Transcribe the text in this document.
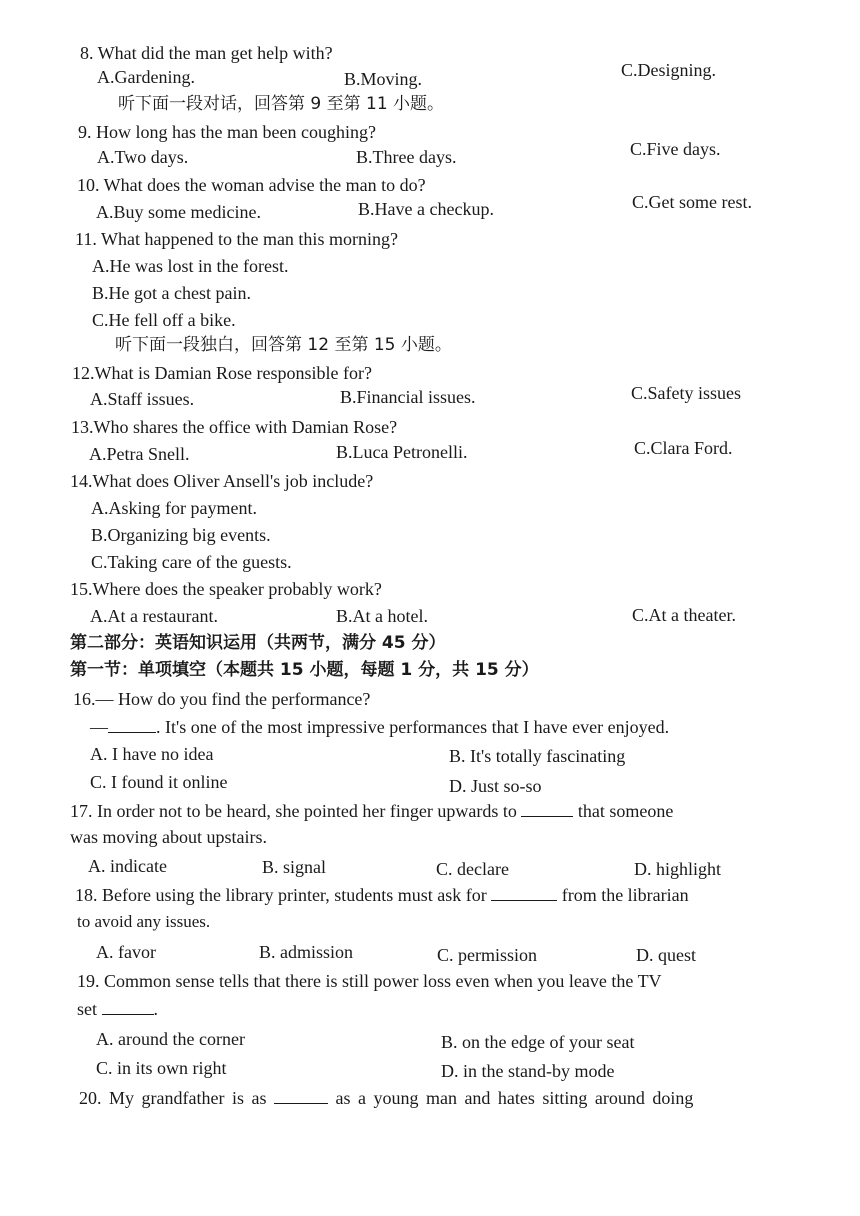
8. What did the man get help with?
A.Gardening.	B.Moving.	C.Designing.
听下面一段对话，回答第 9 至第 11 小题。
9. How long has the man been coughing?
A.Two days.	B.Three days.	C.Five days.
10. What does the woman advise the man to do?
A.Buy some medicine.	B.Have a checkup.	C.Get some rest.
11. What happened to the man this morning?
A.He was lost in the forest.
B.He got a chest pain.
C.He fell off a bike.
听下面一段独白，回答第 12 至第 15 小题。
12.What is Damian Rose responsible for?
A.Staff issues.	B.Financial issues.	C.Safety issues
13.Who shares the office with Damian Rose?
A.Petra Snell.	B.Luca Petronelli.	C.Clara Ford.
14.What does Oliver Ansell's job include?
A.Asking for payment.
B.Organizing big events.
C.Taking care of the guests.
15.Where does the speaker probably work?
A.At a restaurant.	B.At a hotel.	C.At a theater.
第二部分：英语知识运用（共两节，满分 45 分）
第一节：单项填空（本题共 15 小题，每题 1 分，共 15 分）
16.— How do you find the performance?
—	. It's one of the most impressive performances that I have ever enjoyed.
A. I have no idea	B. It's totally fascinating
C. I found it online	D. Just so-so
17. In order not to be heard, she pointed her finger upwards to	that someone
was moving about upstairs.
A. indicate	B. signal	C. declare	D. highlight
18. Before using the library printer, students must ask for	from the librarian
to avoid any issues.
A. favor	B. admission	C. permission	D. quest
19. Common sense tells that there is still power loss even when you leave the TV
set	.
A. around the corner	B. on the edge of your seat
C. in its own right	D. in the stand-by mode
20. My grandfather is as	as a young man and hates sitting around doing
